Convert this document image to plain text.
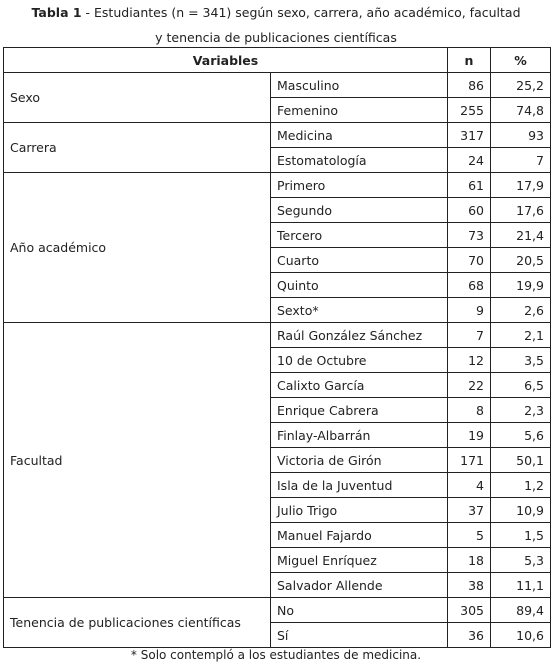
Tabla 1 - Estudiantes (n = 341) según sexo, carrera, año académico, facultad
y tenencia de publicaciones científicas
Variables		n	%
Sexo	Masculino	86	25,2
	Femenino	255	74,8
Carrera	Medicina	317	93
	Estomatología	24	7
Año académico	Primero	61	17,9
	Segundo	60	17,6
	Tercero	73	21,4
	Cuarto	70	20,5
	Quinto	68	19,9
	Sexto*	9	2,6
Facultad	Raúl González Sánchez	7	2,1
	10 de Octubre	12	3,5
	Calixto García	22	6,5
	Enrique Cabrera	8	2,3
	Finlay-Albarrán	19	5,6
	Victoria de Girón	171	50,1
	Isla de la Juventud	4	1,2
	Julio Trigo	37	10,9
	Manuel Fajardo	5	1,5
	Miguel Enríquez	18	5,3
	Salvador Allende	38	11,1
Tenencia de publicaciones científicas	No	305	89,4
	Sí	36	10,6
* Solo contempló a los estudiantes de medicina.
